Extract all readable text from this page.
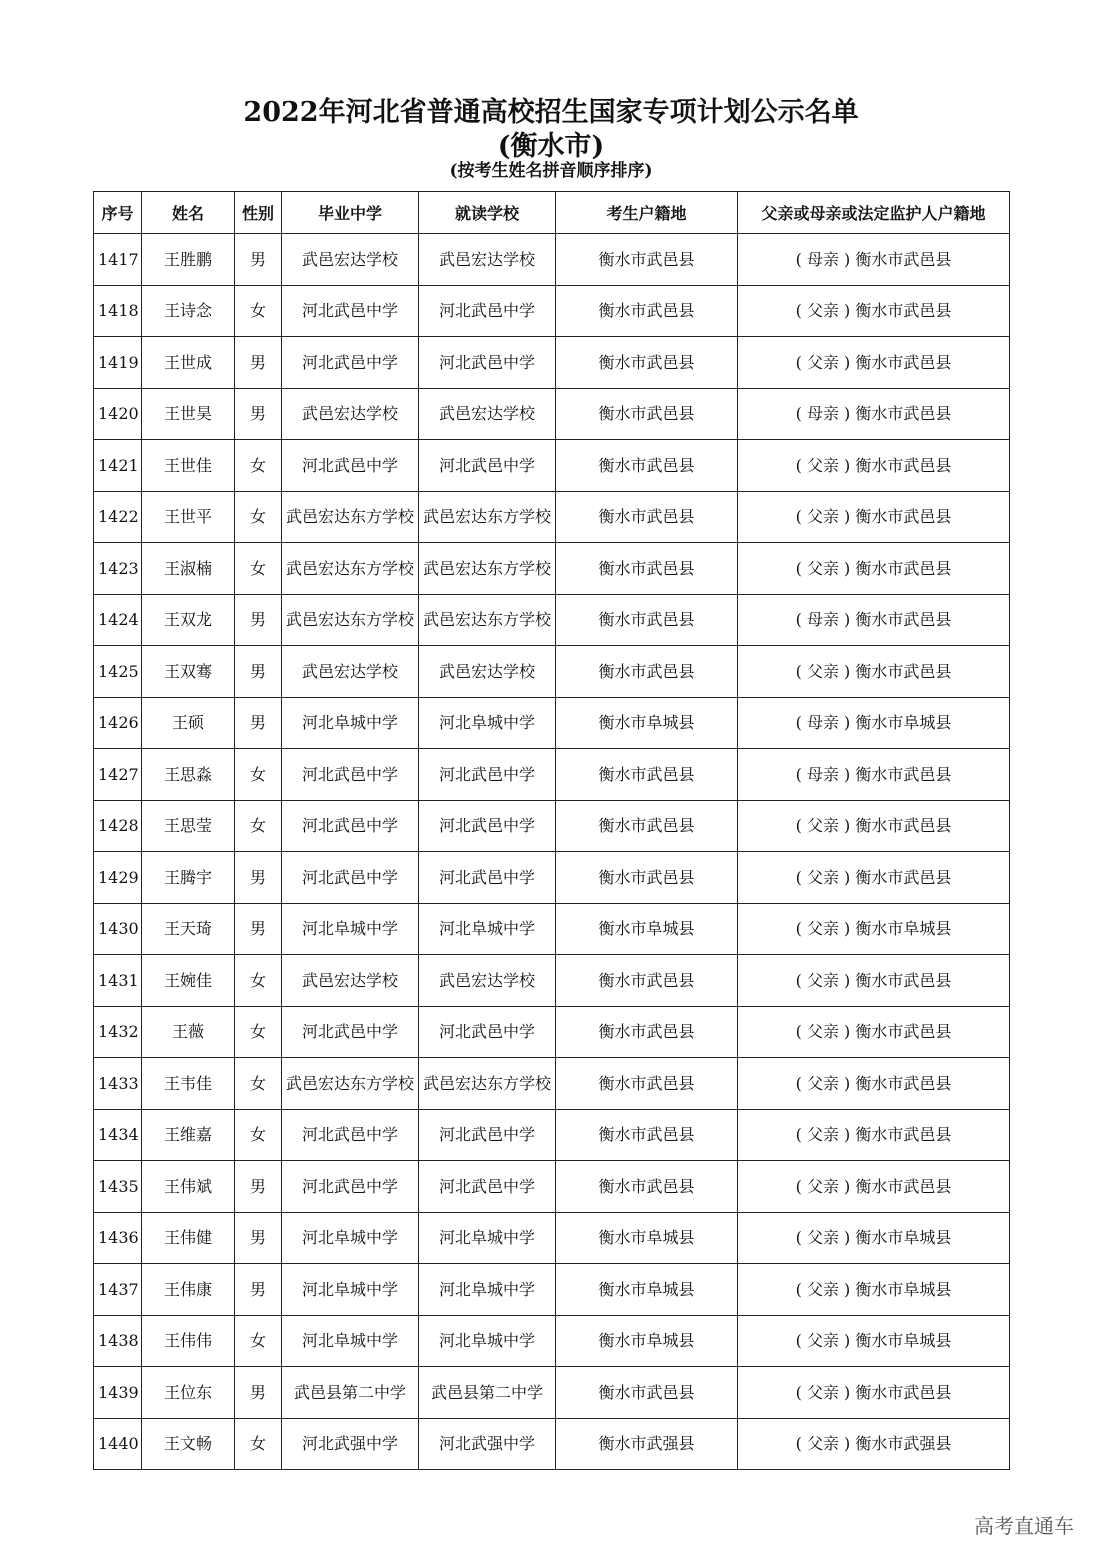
2022年河北省普通高校招生国家专项计划公示名单
(衡水市)
(按考生姓名拼音顺序排序)
序号	姓名	性别	毕业中学	就读学校	考生户籍地	父亲或母亲或法定监护人户籍地
1417	王胜鹏	男	武邑宏达学校	武邑宏达学校	衡水市武邑县	( 母亲 ) 衡水市武邑县
1418	王诗念	女	河北武邑中学	河北武邑中学	衡水市武邑县	( 父亲 ) 衡水市武邑县
1419	王世成	男	河北武邑中学	河北武邑中学	衡水市武邑县	( 父亲 ) 衡水市武邑县
1420	王世昊	男	武邑宏达学校	武邑宏达学校	衡水市武邑县	( 母亲 ) 衡水市武邑县
1421	王世佳	女	河北武邑中学	河北武邑中学	衡水市武邑县	( 父亲 ) 衡水市武邑县
1422	王世平	女	武邑宏达东方学校	武邑宏达东方学校	衡水市武邑县	( 父亲 ) 衡水市武邑县
1423	王淑楠	女	武邑宏达东方学校	武邑宏达东方学校	衡水市武邑县	( 父亲 ) 衡水市武邑县
1424	王双龙	男	武邑宏达东方学校	武邑宏达东方学校	衡水市武邑县	( 母亲 ) 衡水市武邑县
1425	王双骞	男	武邑宏达学校	武邑宏达学校	衡水市武邑县	( 父亲 ) 衡水市武邑县
1426	王硕	男	河北阜城中学	河北阜城中学	衡水市阜城县	( 母亲 ) 衡水市阜城县
1427	王思淼	女	河北武邑中学	河北武邑中学	衡水市武邑县	( 母亲 ) 衡水市武邑县
1428	王思莹	女	河北武邑中学	河北武邑中学	衡水市武邑县	( 父亲 ) 衡水市武邑县
1429	王腾宇	男	河北武邑中学	河北武邑中学	衡水市武邑县	( 父亲 ) 衡水市武邑县
1430	王天琦	男	河北阜城中学	河北阜城中学	衡水市阜城县	( 父亲 ) 衡水市阜城县
1431	王婉佳	女	武邑宏达学校	武邑宏达学校	衡水市武邑县	( 父亲 ) 衡水市武邑县
1432	王薇	女	河北武邑中学	河北武邑中学	衡水市武邑县	( 父亲 ) 衡水市武邑县
1433	王韦佳	女	武邑宏达东方学校	武邑宏达东方学校	衡水市武邑县	( 父亲 ) 衡水市武邑县
1434	王维嘉	女	河北武邑中学	河北武邑中学	衡水市武邑县	( 父亲 ) 衡水市武邑县
1435	王伟斌	男	河北武邑中学	河北武邑中学	衡水市武邑县	( 父亲 ) 衡水市武邑县
1436	王伟健	男	河北阜城中学	河北阜城中学	衡水市阜城县	( 父亲 ) 衡水市阜城县
1437	王伟康	男	河北阜城中学	河北阜城中学	衡水市阜城县	( 父亲 ) 衡水市阜城县
1438	王伟伟	女	河北阜城中学	河北阜城中学	衡水市阜城县	( 父亲 ) 衡水市阜城县
1439	王位东	男	武邑县第二中学	武邑县第二中学	衡水市武邑县	( 父亲 ) 衡水市武邑县
1440	王文畅	女	河北武强中学	河北武强中学	衡水市武强县	( 父亲 ) 衡水市武强县
高考直通车
